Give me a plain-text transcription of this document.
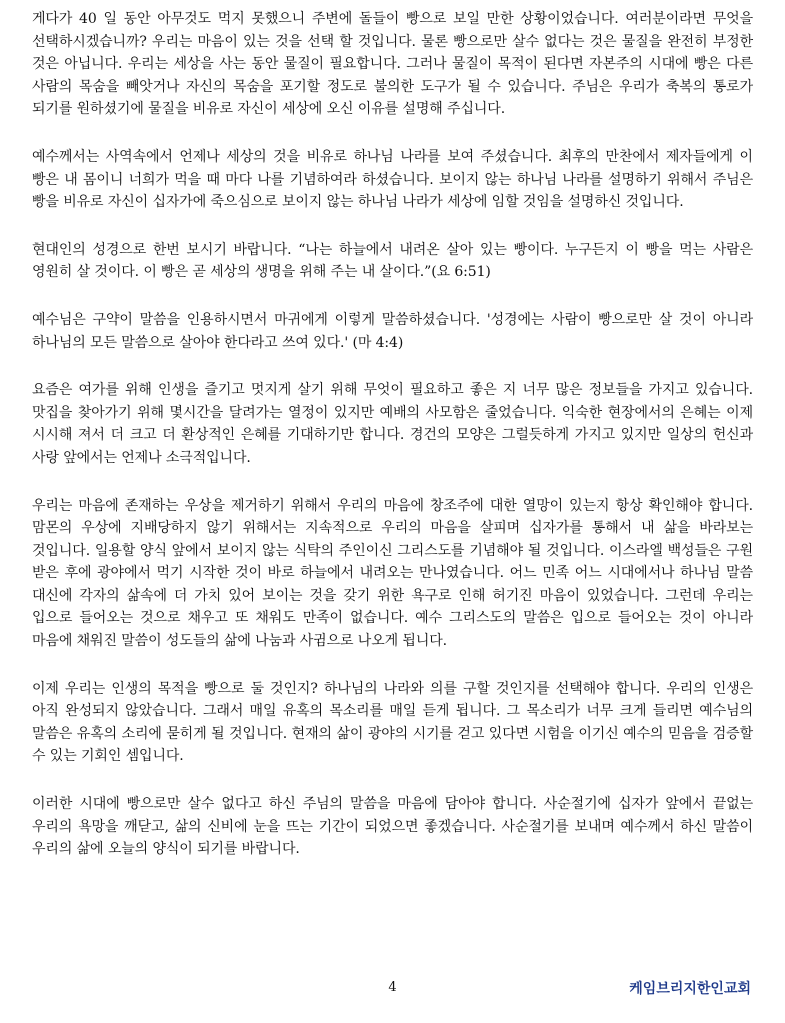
게다가 40 일 동안 아무것도 먹지 못했으니 주변에 돌들이 빵으로 보일 만한 상황이었습니다. 여러분이라면 무엇을 선택하시겠습니까? 우리는 마음이 있는 것을 선택 할 것입니다. 물론 빵으로만 살수 없다는 것은 물질을 완전히 부정한 것은 아닙니다. 우리는 세상을 사는 동안 물질이 필요합니다. 그러나 물질이 목적이 된다면 자본주의 시대에 빵은 다른 사람의 목숨을 빼앗거나 자신의 목숨을 포기할 정도로 불의한 도구가 될 수 있습니다. 주님은 우리가 축복의 통로가 되기를 원하셨기에 물질을 비유로 자신이 세상에 오신 이유를 설명해 주십니다.

예수께서는 사역속에서 언제나 세상의 것을 비유로 하나님 나라를 보여 주셨습니다. 최후의 만찬에서 제자들에게 이 빵은 내 몸이니 너희가 먹을 때 마다 나를 기념하여라 하셨습니다. 보이지 않는 하나님 나라를 설명하기 위해서 주님은 빵을 비유로 자신이 십자가에 죽으심으로 보이지 않는 하나님 나라가 세상에 임할 것임을 설명하신 것입니다.

현대인의 성경으로 한번 보시기 바랍니다. “나는 하늘에서 내려온 살아 있는 빵이다. 누구든지 이 빵을 먹는 사람은 영원히 살 것이다. 이 빵은 곧 세상의 생명을 위해 주는 내 살이다.”(요 6:51)

예수님은 구약이 말씀을 인용하시면서 마귀에게 이렇게 말씀하셨습니다. '성경에는 사람이 빵으로만 살 것이 아니라 하나님의 모든 말씀으로 살아야 한다라고 쓰여 있다.' (마 4:4)

요즘은 여가를 위해 인생을 즐기고 멋지게 살기 위해 무엇이 필요하고 좋은 지 너무 많은 정보들을 가지고 있습니다. 맛집을 찾아가기 위해 몇시간을 달려가는 열정이 있지만 예배의 사모함은 줄었습니다. 익숙한 현장에서의 은혜는 이제 시시해 져서 더 크고 더 환상적인 은혜를 기대하기만 합니다. 경건의 모양은 그럴듯하게 가지고 있지만 일상의 헌신과 사랑 앞에서는 언제나 소극적입니다.

우리는 마음에 존재하는 우상을 제거하기 위해서 우리의 마음에 창조주에 대한 열망이 있는지 항상 확인해야 합니다. 맘몬의 우상에 지배당하지 않기 위해서는 지속적으로 우리의 마음을 살피며 십자가를 통해서 내 삶을 바라보는 것입니다. 일용할 양식 앞에서 보이지 않는 식탁의 주인이신 그리스도를 기념해야 될 것입니다. 이스라엘 백성들은 구원 받은 후에 광야에서 먹기 시작한 것이 바로 하늘에서 내려오는 만나였습니다. 어느 민족 어느 시대에서나 하나님 말씀 대신에 각자의 삶속에 더 가치 있어 보이는 것을 갖기 위한 욕구로 인해 허기진 마음이 있었습니다. 그런데 우리는 입으로 들어오는 것으로 채우고 또 채워도 만족이 없습니다. 예수 그리스도의 말씀은 입으로 들어오는 것이 아니라 마음에 채워진 말씀이 성도들의 삶에 나눔과 사귐으로 나오게 됩니다.

이제 우리는 인생의 목적을 빵으로 둘 것인지? 하나님의 나라와 의를 구할 것인지를 선택해야 합니다. 우리의 인생은 아직 완성되지 않았습니다. 그래서 매일 유혹의 목소리를 매일 듣게 됩니다. 그 목소리가 너무 크게 들리면 예수님의 말씀은 유혹의 소리에 묻히게 될 것입니다. 현재의 삶이 광야의 시기를 걷고 있다면 시험을 이기신 예수의 믿음을 검증할 수 있는 기회인 셈입니다.

이러한 시대에 빵으로만 살수 없다고 하신 주님의 말씀을 마음에 담아야 합니다. 사순절기에 십자가 앞에서 끝없는 우리의 욕망을 깨닫고, 삶의 신비에 눈을 뜨는 기간이 되었으면 좋겠습니다. 사순절기를 보내며 예수께서 하신 말씀이 우리의 삶에 오늘의 양식이 되기를 바랍니다.

4	케임브리지한인교회
